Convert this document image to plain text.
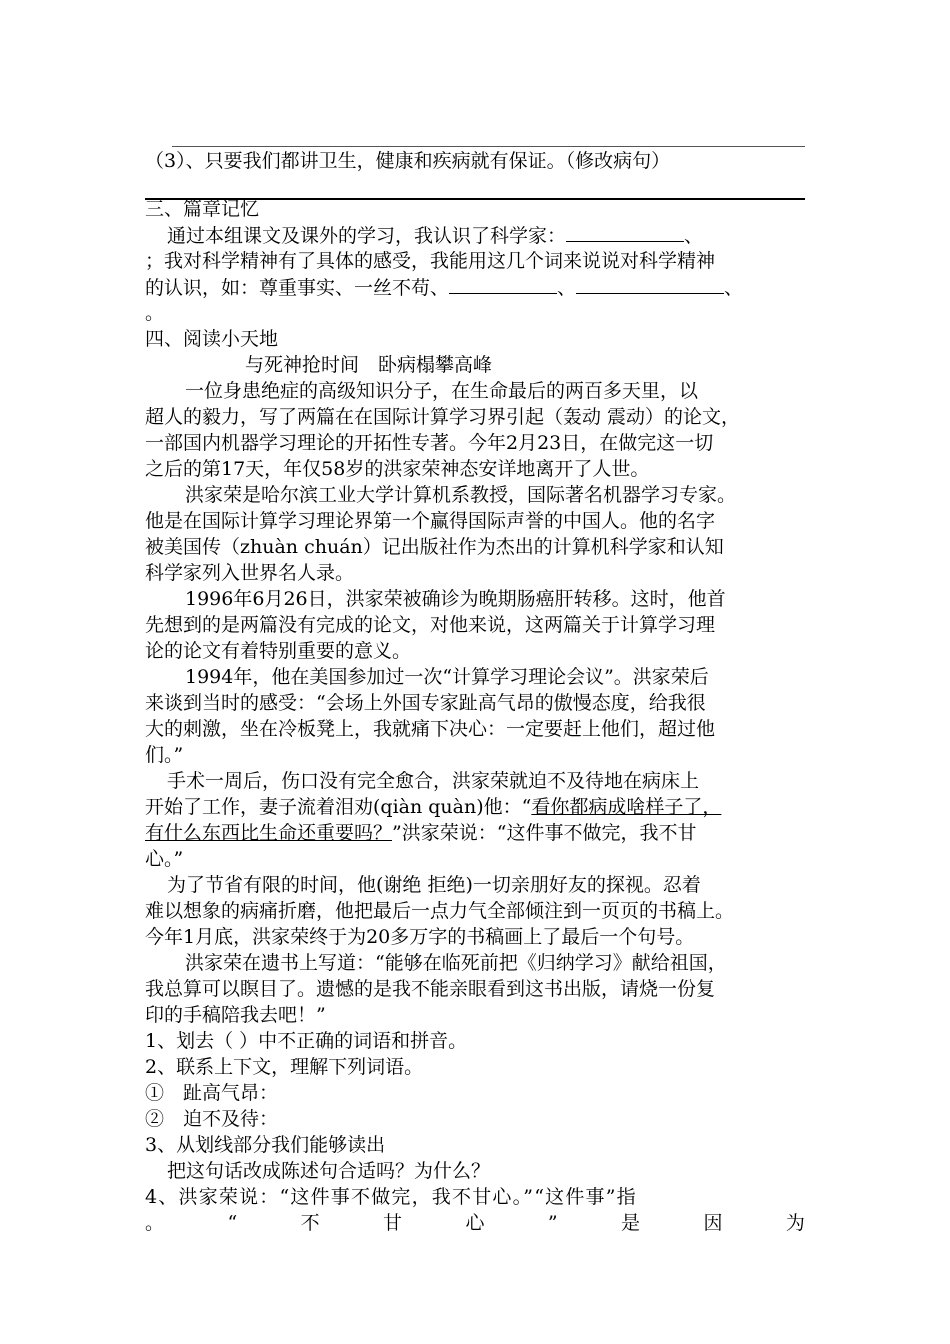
（3）、只要我们都讲卫生，健康和疾病就有保证。（修改病句）
三、篇章记忆
通过本组课文及课外的学习，我认识了科学家：	、
；我对科学精神有了具体的感受，我能用这几个词来说说对科学精神
的认识，如：尊重事实、一丝不苟、	、	、
。
四、阅读小天地
与死神抢时间　卧病榻攀高峰
一位身患绝症的高级知识分子，在生命最后的两百多天里，以
超人的毅力，写了两篇在在国际计算学习界引起（轰动 震动）的论文，
一部国内机器学习理论的开拓性专著。今年2月23日，在做完这一切
之后的第17天，年仅58岁的洪家荣神态安详地离开了人世。
洪家荣是哈尔滨工业大学计算机系教授，国际著名机器学习专家。
他是在国际计算学习理论界第一个赢得国际声誉的中国人。他的名字
被美国传（zhuàn chuán）记出版社作为杰出的计算机科学家和认知
科学家列入世界名人录。
1996年6月26日，洪家荣被确诊为晚期肠癌肝转移。这时，他首
先想到的是两篇没有完成的论文，对他来说，这两篇关于计算学习理
论的论文有着特别重要的意义。
1994年，他在美国参加过一次“计算学习理论会议”。洪家荣后
来谈到当时的感受：“会场上外国专家趾高气昂的傲慢态度，给我很
大的刺激，坐在冷板凳上，我就痛下决心：一定要赶上他们，超过他
们。”
手术一周后，伤口没有完全愈合，洪家荣就迫不及待地在病床上
开始了工作，妻子流着泪劝(qiàn quàn)他：“看你都病成啥样子了，
有什么东西比生命还重要吗？”洪家荣说：“这件事不做完，我不甘
心。”
为了节省有限的时间，他(谢绝 拒绝)一切亲朋好友的探视。忍着
难以想象的病痛折磨，他把最后一点力气全部倾注到一页页的书稿上。
今年1月底，洪家荣终于为20多万字的书稿画上了最后一个句号。
洪家荣在遗书上写道：“能够在临死前把《归纳学习》献给祖国，
我总算可以瞑目了。遗憾的是我不能亲眼看到这书出版，请烧一份复
印的手稿陪我去吧！”
1、划去（ ）中不正确的词语和拼音。
2、联系上下文，理解下列词语。
①　趾高气昂：
②　迫不及待：
3、从划线部分我们能够读出
把这句话改成陈述句合适吗？为什么？
4、洪家荣说：“这件事不做完，我不甘心。”“这件事”指
。	“	不	甘	心	”	是	因	为
